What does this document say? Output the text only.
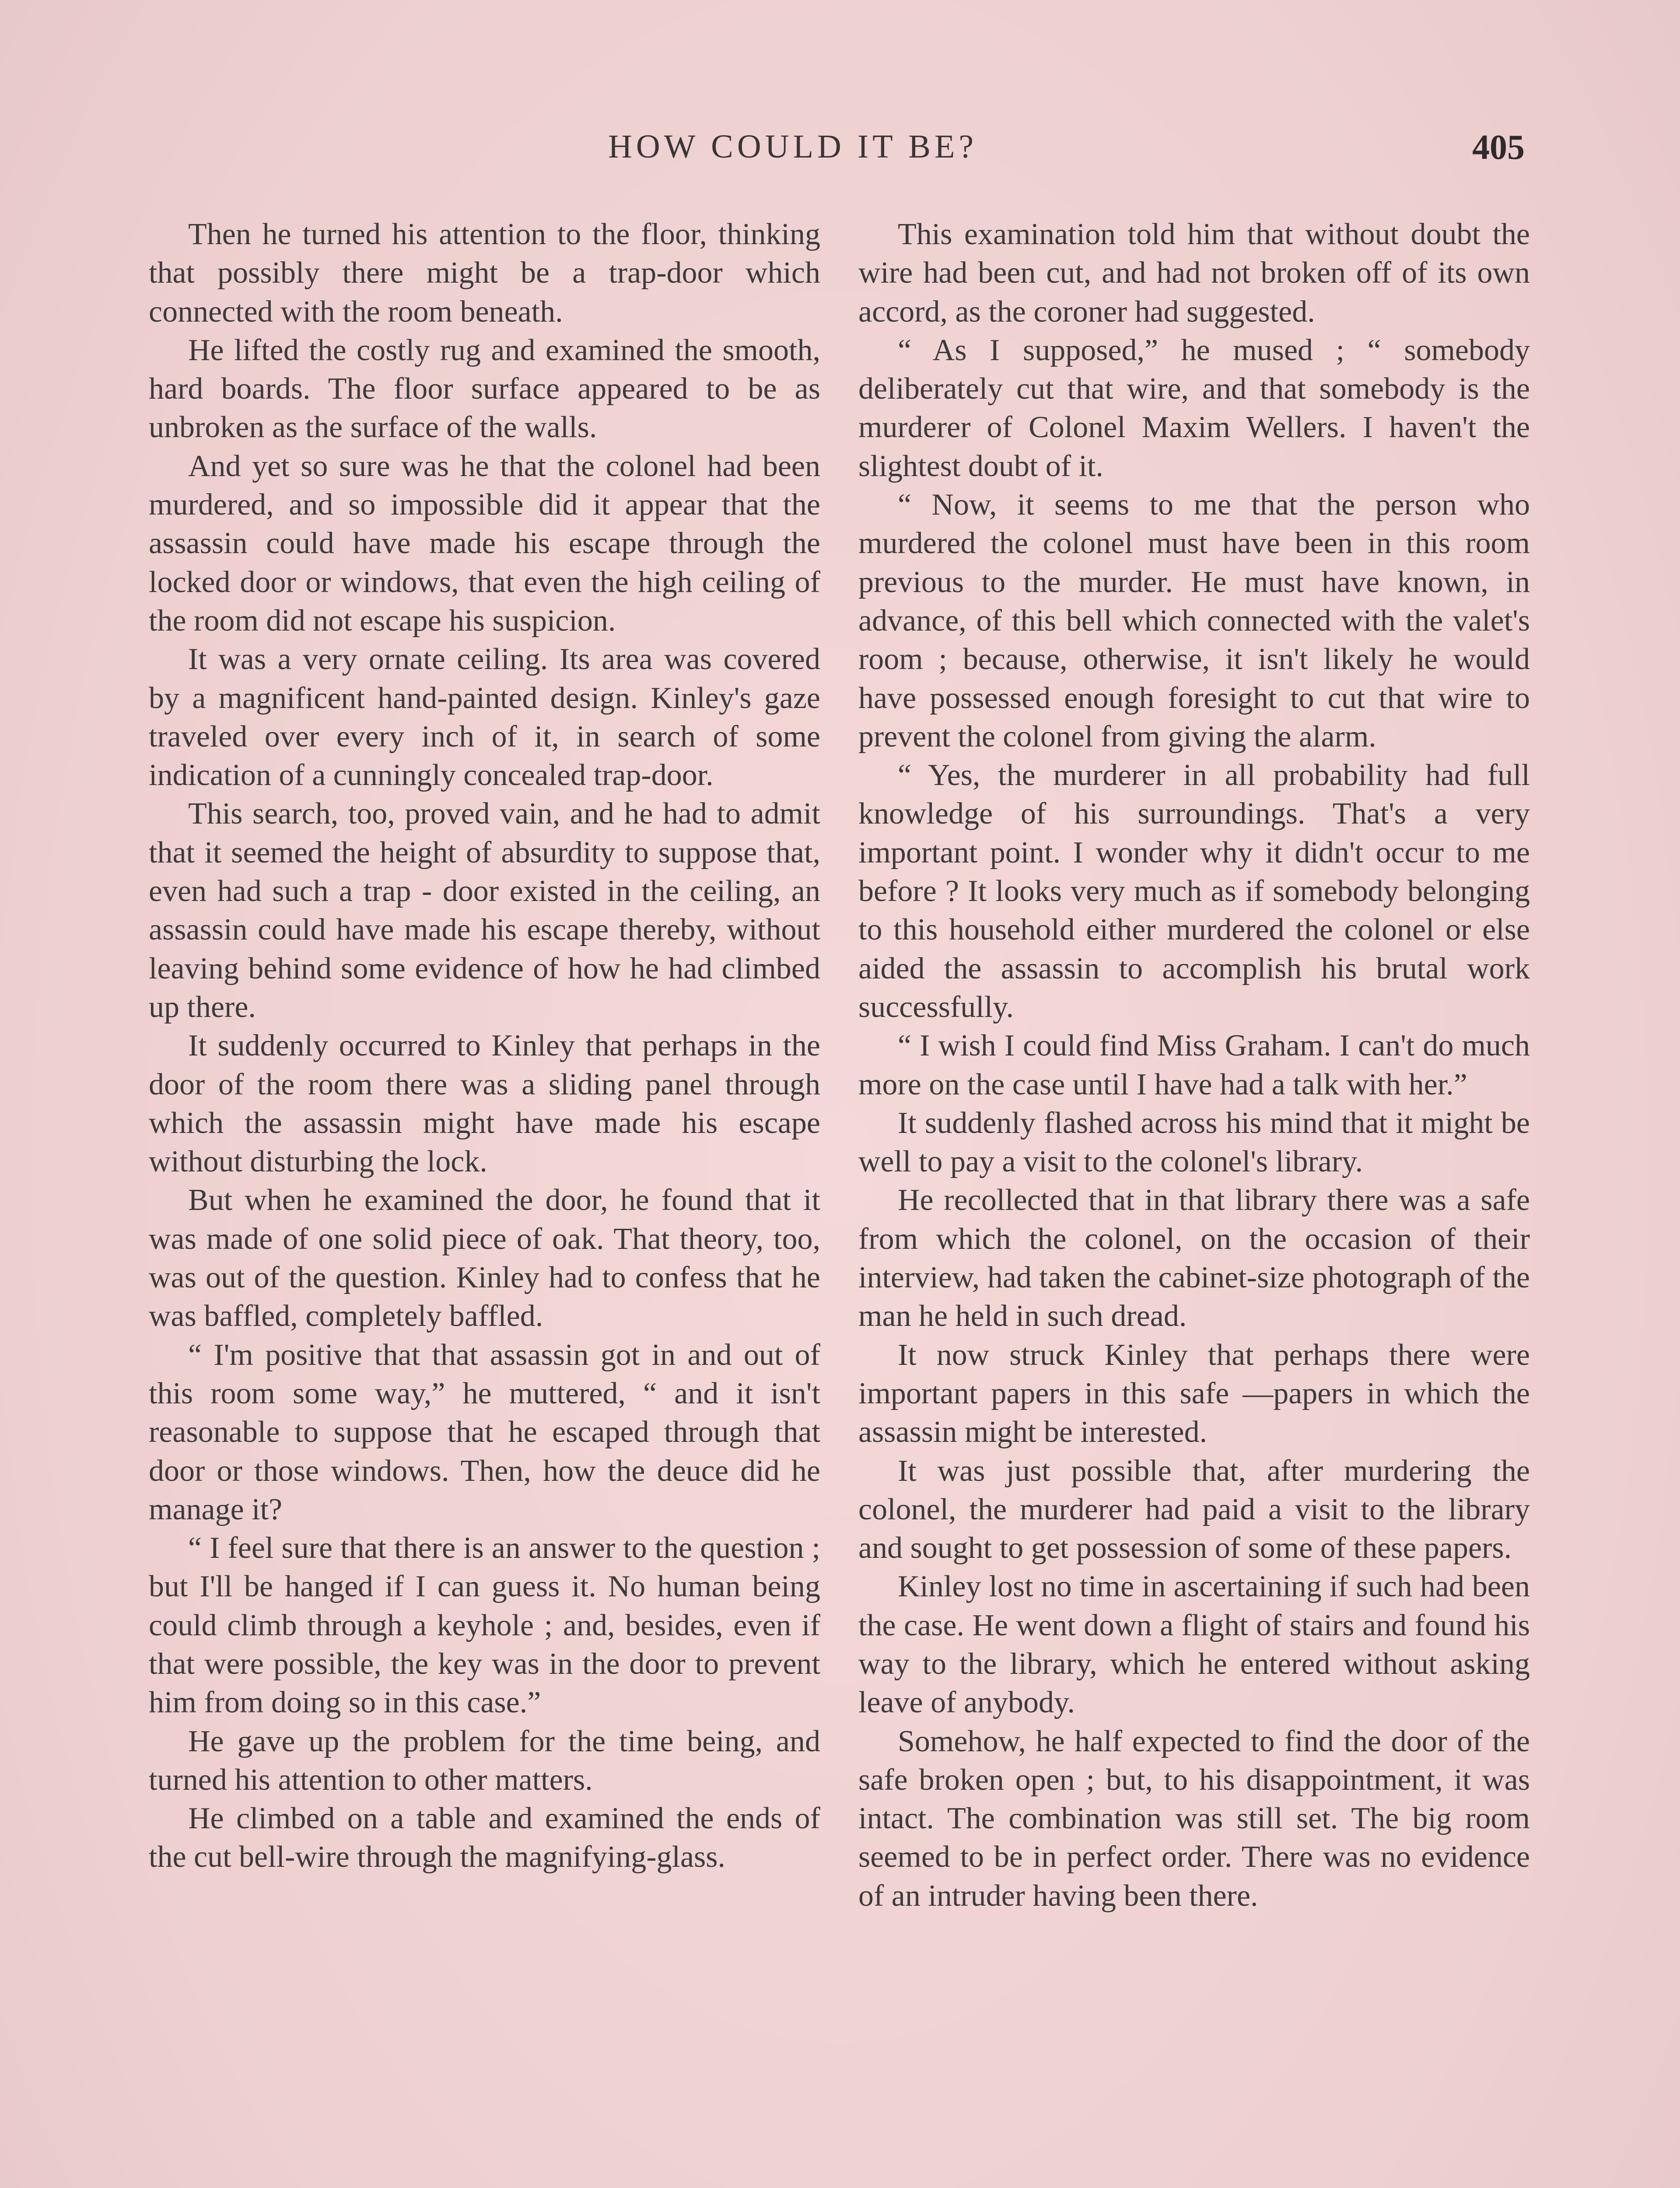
HOW COULD IT BE?	405

Then he turned his attention to the floor, thinking that possibly there might be a trap-door which connected with the room beneath.

He lifted the costly rug and examined the smooth, hard boards. The floor surface appeared to be as unbroken as the surface of the walls.

And yet so sure was he that the colonel had been murdered, and so impossible did it appear that the assassin could have made his escape through the locked door or windows, that even the high ceiling of the room did not escape his suspicion.

It was a very ornate ceiling. Its area was covered by a magnificent hand-painted design. Kinley's gaze traveled over every inch of it, in search of some indication of a cunningly concealed trap-door.

This search, too, proved vain, and he had to admit that it seemed the height of absurdity to suppose that, even had such a trap - door existed in the ceiling, an assassin could have made his escape thereby, without leaving behind some evidence of how he had climbed up there.

It suddenly occurred to Kinley that perhaps in the door of the room there was a sliding panel through which the assassin might have made his escape without disturbing the lock.

But when he examined the door, he found that it was made of one solid piece of oak. That theory, too, was out of the question. Kinley had to confess that he was baffled, completely baffled.

“ I'm positive that that assassin got in and out of this room some way,” he muttered, “ and it isn't reasonable to suppose that he escaped through that door or those windows. Then, how the deuce did he manage it?

“ I feel sure that there is an answer to the question ; but I'll be hanged if I can guess it. No human being could climb through a keyhole ; and, besides, even if that were possible, the key was in the door to prevent him from doing so in this case.”

He gave up the problem for the time being, and turned his attention to other matters.

He climbed on a table and examined the ends of the cut bell-wire through the magnifying-glass.

This examination told him that without doubt the wire had been cut, and had not broken off of its own accord, as the coroner had suggested.

“ As I supposed,” he mused ; “ somebody deliberately cut that wire, and that somebody is the murderer of Colonel Maxim Wellers. I haven't the slightest doubt of it.

“ Now, it seems to me that the person who murdered the colonel must have been in this room previous to the murder. He must have known, in advance, of this bell which connected with the valet's room ; because, otherwise, it isn't likely he would have possessed enough foresight to cut that wire to prevent the colonel from giving the alarm.

“ Yes, the murderer in all probability had full knowledge of his surroundings. That's a very important point. I wonder why it didn't occur to me before ? It looks very much as if somebody belonging to this household either murdered the colonel or else aided the assassin to accomplish his brutal work successfully.

“ I wish I could find Miss Graham. I can't do much more on the case until I have had a talk with her.”

It suddenly flashed across his mind that it might be well to pay a visit to the colonel's library.

He recollected that in that library there was a safe from which the colonel, on the occasion of their interview, had taken the cabinet-size photograph of the man he held in such dread.

It now struck Kinley that perhaps there were important papers in this safe —papers in which the assassin might be interested.

It was just possible that, after murdering the colonel, the murderer had paid a visit to the library and sought to get possession of some of these papers.

Kinley lost no time in ascertaining if such had been the case. He went down a flight of stairs and found his way to the library, which he entered without asking leave of anybody.

Somehow, he half expected to find the door of the safe broken open ; but, to his disappointment, it was intact. The combination was still set. The big room seemed to be in perfect order. There was no evidence of an intruder having been there.
